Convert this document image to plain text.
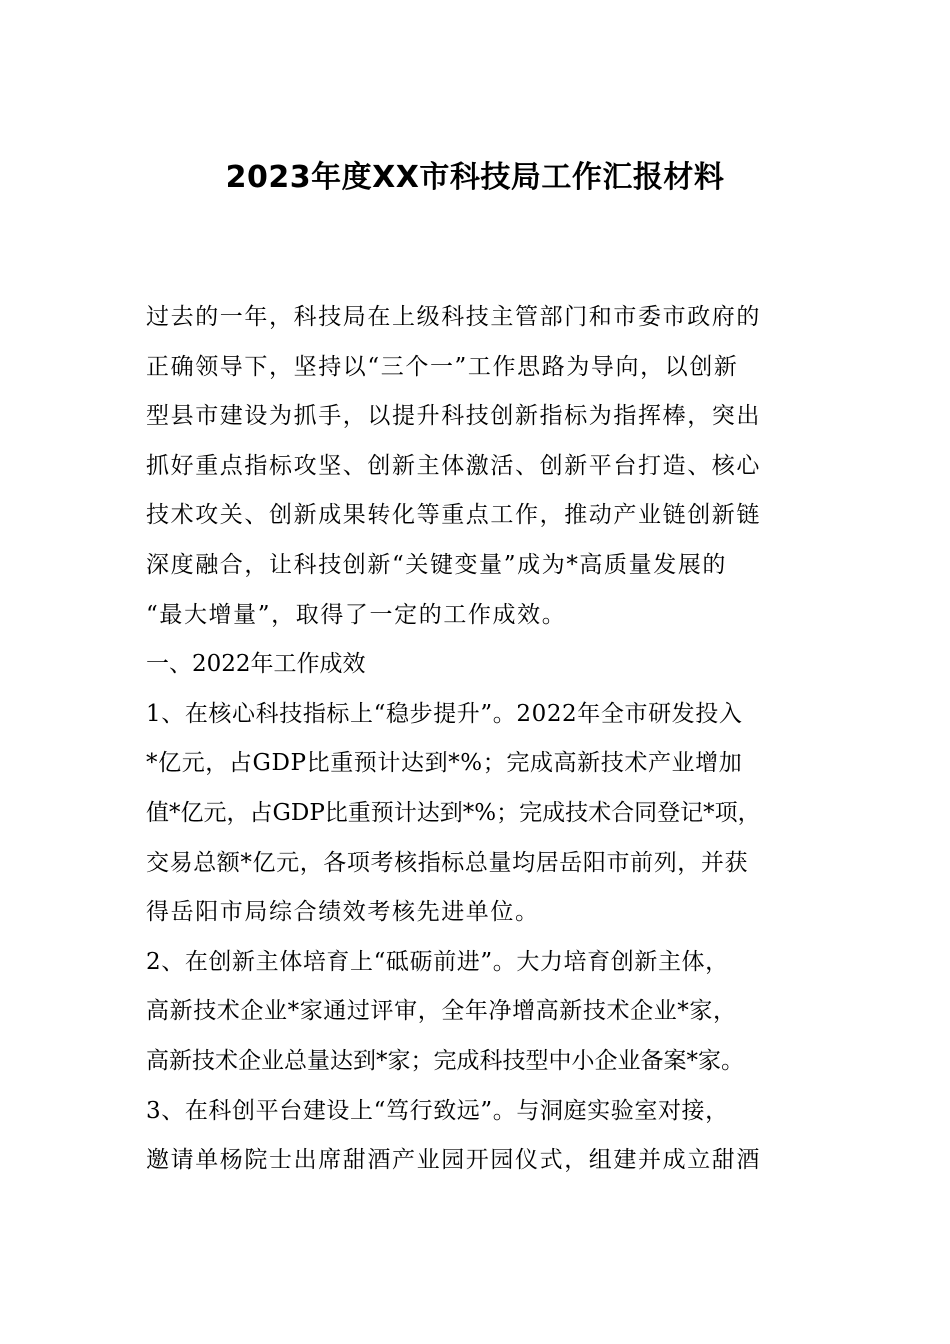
2023年度XX市科技局工作汇报材料
过去的一年，科技局在上级科技主管部门和市委市政府的
正确领导下，坚持以“三个一”工作思路为导向，以创新
型县市建设为抓手，以提升科技创新指标为指挥棒，突出
抓好重点指标攻坚、创新主体激活、创新平台打造、核心
技术攻关、创新成果转化等重点工作，推动产业链创新链
深度融合，让科技创新“关键变量”成为*高质量发展的
“最大增量”，取得了一定的工作成效。
一、2022年工作成效
1、在核心科技指标上“稳步提升”。2022年全市研发投入
*亿元，占GDP比重预计达到*%；完成高新技术产业增加
值*亿元，占GDP比重预计达到*%；完成技术合同登记*项，
交易总额*亿元，各项考核指标总量均居岳阳市前列，并获
得岳阳市局综合绩效考核先进单位。
2、在创新主体培育上“砥砺前进”。大力培育创新主体，
高新技术企业*家通过评审，全年净增高新技术企业*家，
高新技术企业总量达到*家；完成科技型中小企业备案*家。
3、在科创平台建设上“笃行致远”。与洞庭实验室对接，
邀请单杨院士出席甜酒产业园开园仪式，组建并成立甜酒
